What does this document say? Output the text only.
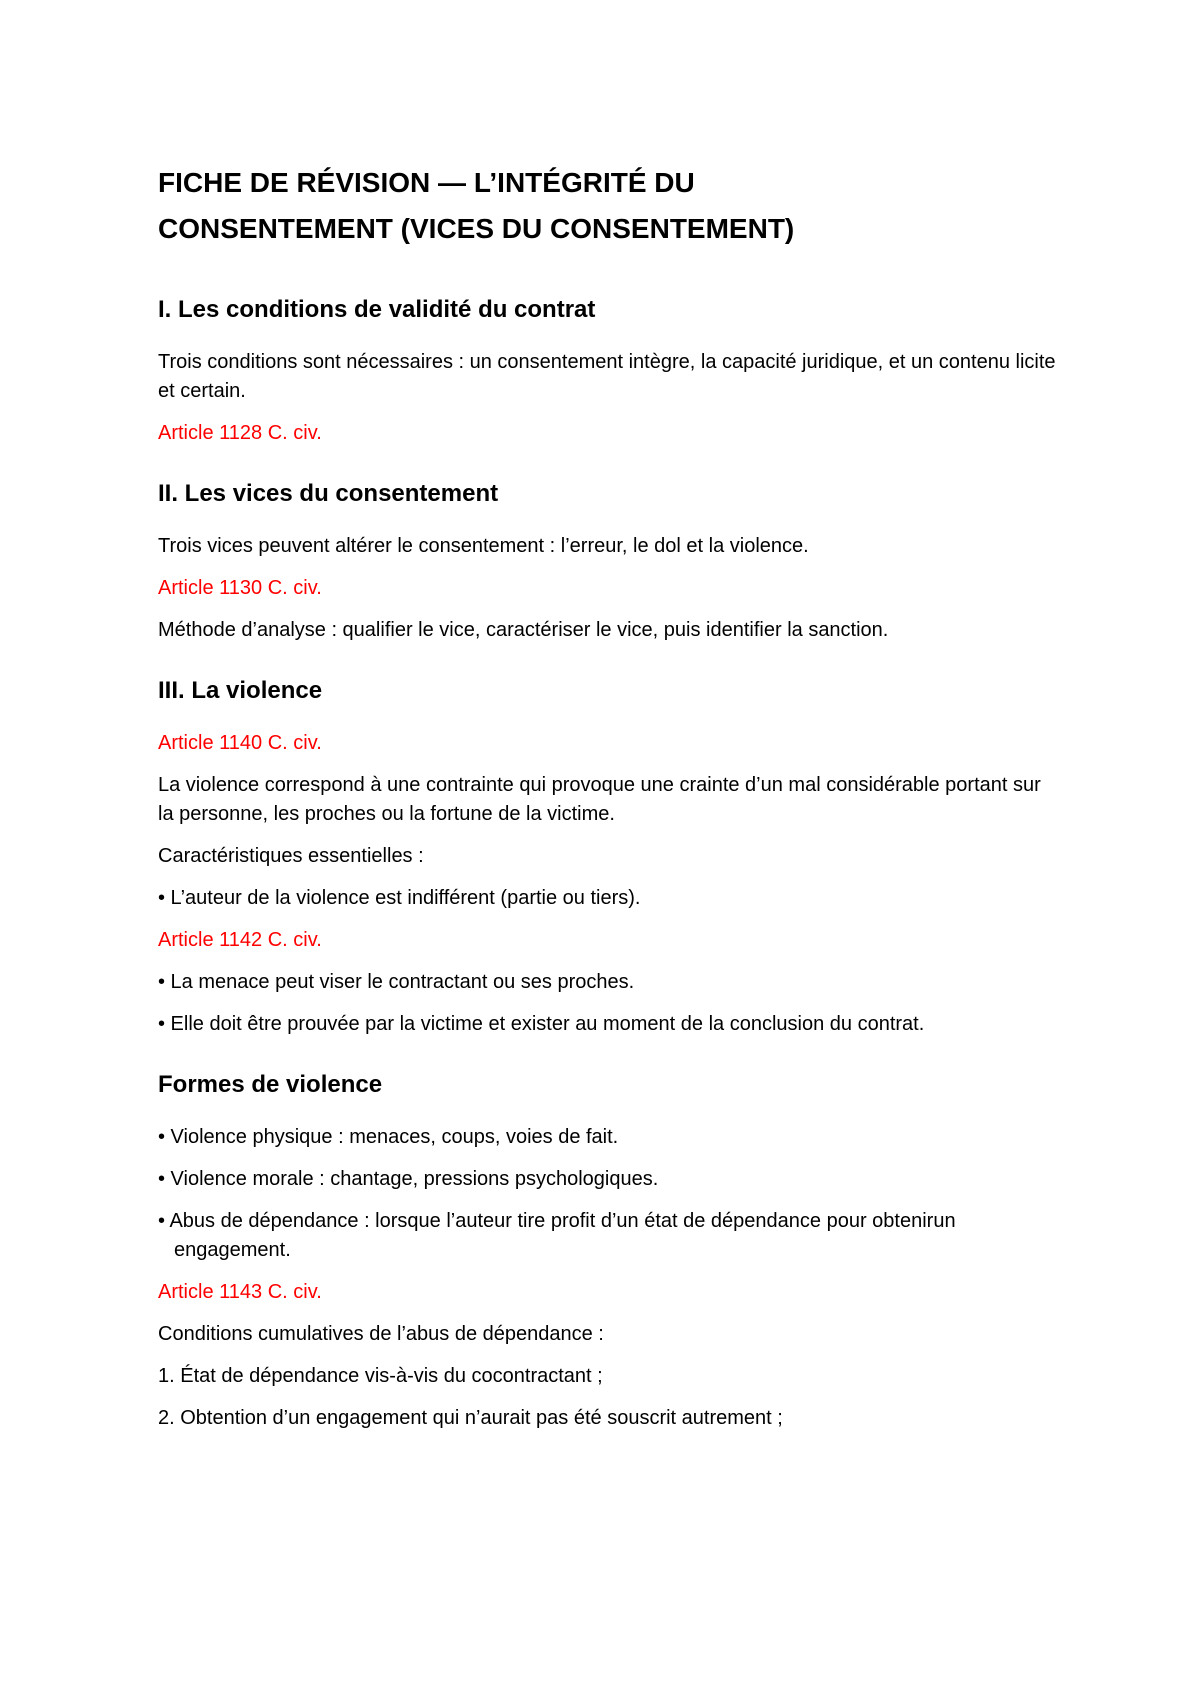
FICHE DE RÉVISION — L’INTÉGRITÉ DU
CONSENTEMENT (VICES DU CONSENTEMENT)
I. Les conditions de validité du contrat

Trois conditions sont nécessaires : un consentement intègre, la capacité juridique, et un contenu licite et certain.

Article 1128 C. civ.

II. Les vices du consentement

Trois vices peuvent altérer le consentement : l’erreur, le dol et la violence.

Article 1130 C. civ.

Méthode d’analyse : qualifier le vice, caractériser le vice, puis identifier la sanction.

III. La violence

Article 1140 C. civ.

La violence correspond à une contrainte qui provoque une crainte d’un mal considérable portant sur la personne, les proches ou la fortune de la victime.

Caractéristiques essentielles :

• L’auteur de la violence est indifférent (partie ou tiers).

Article 1142 C. civ.

• La menace peut viser le contractant ou ses proches.

• Elle doit être prouvée par la victime et exister au moment de la conclusion du contrat.

Formes de violence

• Violence physique : menaces, coups, voies de fait.

• Violence morale : chantage, pressions psychologiques.

• Abus de dépendance : lorsque l’auteur tire profit d’un état de dépendance pour obtenirun engagement.

Article 1143 C. civ.

Conditions cumulatives de l’abus de dépendance :

1. État de dépendance vis-à-vis du cocontractant ;

2. Obtention d’un engagement qui n’aurait pas été souscrit autrement ;
